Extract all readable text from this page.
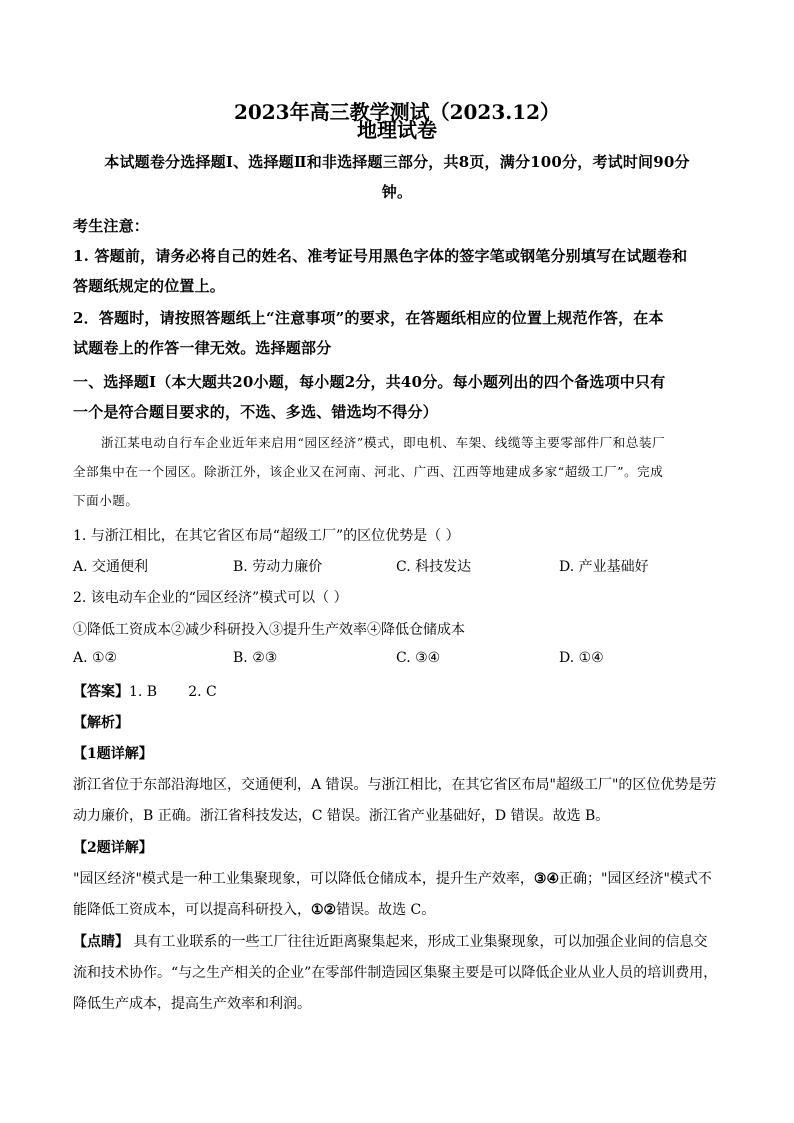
2023年高三教学测试（2023.12）
地理试卷
本试题卷分选择题Ⅰ、选择题Ⅱ和非选择题三部分，共8页，满分100分，考试时间90分
钟。
考生注意：
1. 答题前，请务必将自己的姓名、准考证号用黑色字体的签字笔或钢笔分别填写在试题卷和
答题纸规定的位置上。
2．答题时，请按照答题纸上“注意事项”的要求，在答题纸相应的位置上规范作答，在本
试题卷上的作答一律无效。选择题部分
一、选择题Ⅰ（本大题共20小题，每小题2分，共40分。每小题列出的四个备选项中只有
一个是符合题目要求的，不选、多选、错选均不得分）
浙江某电动自行车企业近年来启用“园区经济”模式，即电机、车架、线缆等主要零部件厂和总装厂
全部集中在一个园区。除浙江外，该企业又在河南、河北、广西、江西等地建成多家“超级工厂”。完成
下面小题。
1. 与浙江相比，在其它省区布局“超级工厂”的区位优势是（ ）
A. 交通便利	B. 劳动力廉价	C. 科技发达	D. 产业基础好
2. 该电动车企业的“园区经济”模式可以（ ）
①降低工资成本②减少科研投入③提升生产效率④降低仓储成本
A. ①②	B. ②③	C. ③④	D. ①④
【答案】1. B       2. C
【解析】
【1题详解】
浙江省位于东部沿海地区，交通便利，A 错误。与浙江相比，在其它省区布局"超级工厂"的区位优势是劳
动力廉价，B 正确。浙江省科技发达，C 错误。浙江省产业基础好，D 错误。故选 B。
【2题详解】
"园区经济"模式是一种工业集聚现象，可以降低仓储成本，提升生产效率，③④正确；"园区经济"模式不
能降低工资成本，可以提高科研投入，①②错误。故选 C。
【点睛】 具有工业联系的一些工厂往往近距离聚集起来，形成工业集聚现象，可以加强企业间的信息交
流和技术协作。“与之生产相关的企业”在零部件制造园区集聚主要是可以降低企业从业人员的培训费用，
降低生产成本，提高生产效率和利润。
